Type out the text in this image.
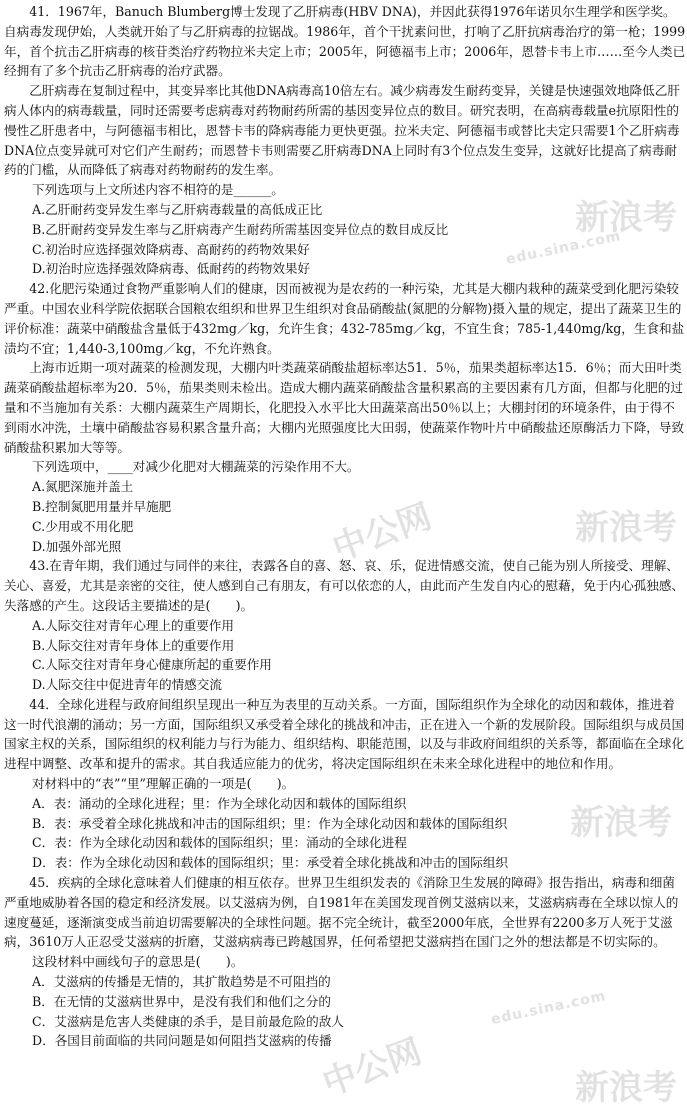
新浪考
edu.sina.com
中公网	新浪考
新浪考
edu.sina.com
中公网	新浪考

41．1967年，Banuch Blumberg博士发现了乙肝病毒(HBV DNA)，并因此获得1976年诺贝尔生理学和医学奖。自病毒发现伊始，人类就开始了与乙肝病毒的拉锯战。1986年，首个干扰素问世，打响了乙肝抗病毒治疗的第一枪；1999年，首个抗击乙肝病毒的核苷类治疗药物拉米夫定上市；2005年，阿德福韦上市；2006年，恩替卡韦上市……至今人类已经拥有了多个抗击乙肝病毒的治疗武器。

乙肝病毒在复制过程中，其变异率比其他DNA病毒高10倍左右。减少病毒发生耐药变异，关键是快速强效地降低乙肝病人体内的病毒载量，同时还需要考虑病毒对药物耐药所需的基因变异位点的数目。研究表明，在高病毒载量e抗原阳性的慢性乙肝患者中，与阿德福韦相比，恩替卡韦的降病毒能力更快更强。拉米夫定、阿德福韦或替比夫定只需要1个乙肝病毒DNA位点变异就可对它们产生耐药；而恩替卡韦则需要乙肝病毒DNA上同时有3个位点发生变异，这就好比提高了病毒耐药的门槛，从而降低了病毒对药物耐药的发生率。

下列选项与上文所述内容不相符的是______。

A.乙肝耐药变异发生率与乙肝病毒载量的高低成正比

B.乙肝耐药变异发生率与乙肝病毒产生耐药所需基因变异位点的数目成反比

C.初治时应选择强效降病毒、高耐药的药物效果好

D.初治时应选择强效降病毒、低耐药的药物效果好

42.化肥污染通过食物严重影响人们的健康，因而被视为是农药的一种污染，尤其是大棚内栽种的蔬菜受到化肥污染较严重。中国农业科学院依据联合国粮农组织和世界卫生组织对食品硝酸盐(氮肥的分解物)摄入量的规定，提出了蔬菜卫生的评价标准：蔬菜中硝酸盐含量低于432mg／kg，允许生食；432-785mg／kg，不宜生食；785-1,440mg/kg，生食和盐渍均不宜；1,440-3,100mg／kg，不允许熟食。

上海市近期一项对蔬菜的检测发现，大棚内叶类蔬菜硝酸盐超标率达51．5％，茄果类超标率达15．6％；而大田叶类蔬菜硝酸盐超标率为20．5％，茄果类则未检出。造成大棚内蔬菜硝酸盐含量积累高的主要因素有几方面，但都与化肥的过量和不当施加有关系：大棚内蔬菜生产周期长，化肥投入水平比大田蔬菜高出50％以上；大棚封闭的环境条件，由于得不到雨水冲洗，土壤中硝酸盐容易积累含量升高；大棚内光照强度比大田弱，使蔬菜作物叶片中硝酸盐还原酶活力下降，导致硝酸盐积累加大等等。

下列选项中，____对减少化肥对大棚蔬菜的污染作用不大。

A.氮肥深施并盖土

B.控制氮肥用量并早施肥

C.少用或不用化肥

D.加强外部光照

43.在青年期，我们通过与同伴的来往，表露各自的喜、怒、哀、乐，促进情感交流，使自己能为别人所接受、理解、关心、喜爱，尤其是亲密的交往，使人感到自己有朋友，有可以依恋的人，由此而产生发自内心的慰藉，免于内心孤独感、失落感的产生。这段话主要描述的是(　　)。

A.人际交往对青年心理上的重要作用

B.人际交往对青年身体上的重要作用

C.人际交往对青年身心健康所起的重要作用

D.人际交往中促进青年的情感交流

44．全球化进程与政府间组织呈现出一种互为表里的互动关系。一方面，国际组织作为全球化的动因和载体，推进着这一时代浪潮的涌动；另一方面，国际组织又承受着全球化的挑战和冲击，正在进入一个新的发展阶段。国际组织与成员国国家主权的关系，国际组织的权利能力与行为能力、组织结构、职能范围，以及与非政府间组织的关系等，都面临在全球化进程中调整、改革和提升的需求。其自我适应能力的优劣，将决定国际组织在未来全球化进程中的地位和作用。

对材料中的“表”“里”理解正确的一项是(　　)。

A．表：涌动的全球化进程；里：作为全球化动因和载体的国际组织

B．表：承受着全球化挑战和冲击的国际组织；里：作为全球化动因和载体的国际组织

C．表：作为全球化动因和载体的国际组织；里：涌动的全球化进程

D．表：作为全球化动因和载体的国际组织；里：承受着全球化挑战和冲击的国际组织

45．疾病的全球化意味着人们健康的相互依存。世界卫生组织发表的《消除卫生发展的障碍》报告指出，病毒和细菌严重地威胁着各国的稳定和经济发展。以艾滋病为例，自1981年在美国发现首例艾滋病以来，艾滋病病毒在全球以惊人的速度蔓延，逐渐演变成当前迫切需要解决的全球性问题。据不完全统计，截至2000年底，全世界有2200多万人死于艾滋病，3610万人正忍受艾滋病的折磨，艾滋病病毒已跨越国界，任何希望把艾滋病挡在国门之外的想法都是不切实际的。

这段材料中画线句子的意思是(　　)。

A．艾滋病的传播是无情的，其扩散趋势是不可阻挡的

B．在无情的艾滋病世界中，是没有我们和他们之分的

C．艾滋病是危害人类健康的杀手，是目前最危险的敌人

D．各国目前面临的共同问题是如何阻挡艾滋病的传播
